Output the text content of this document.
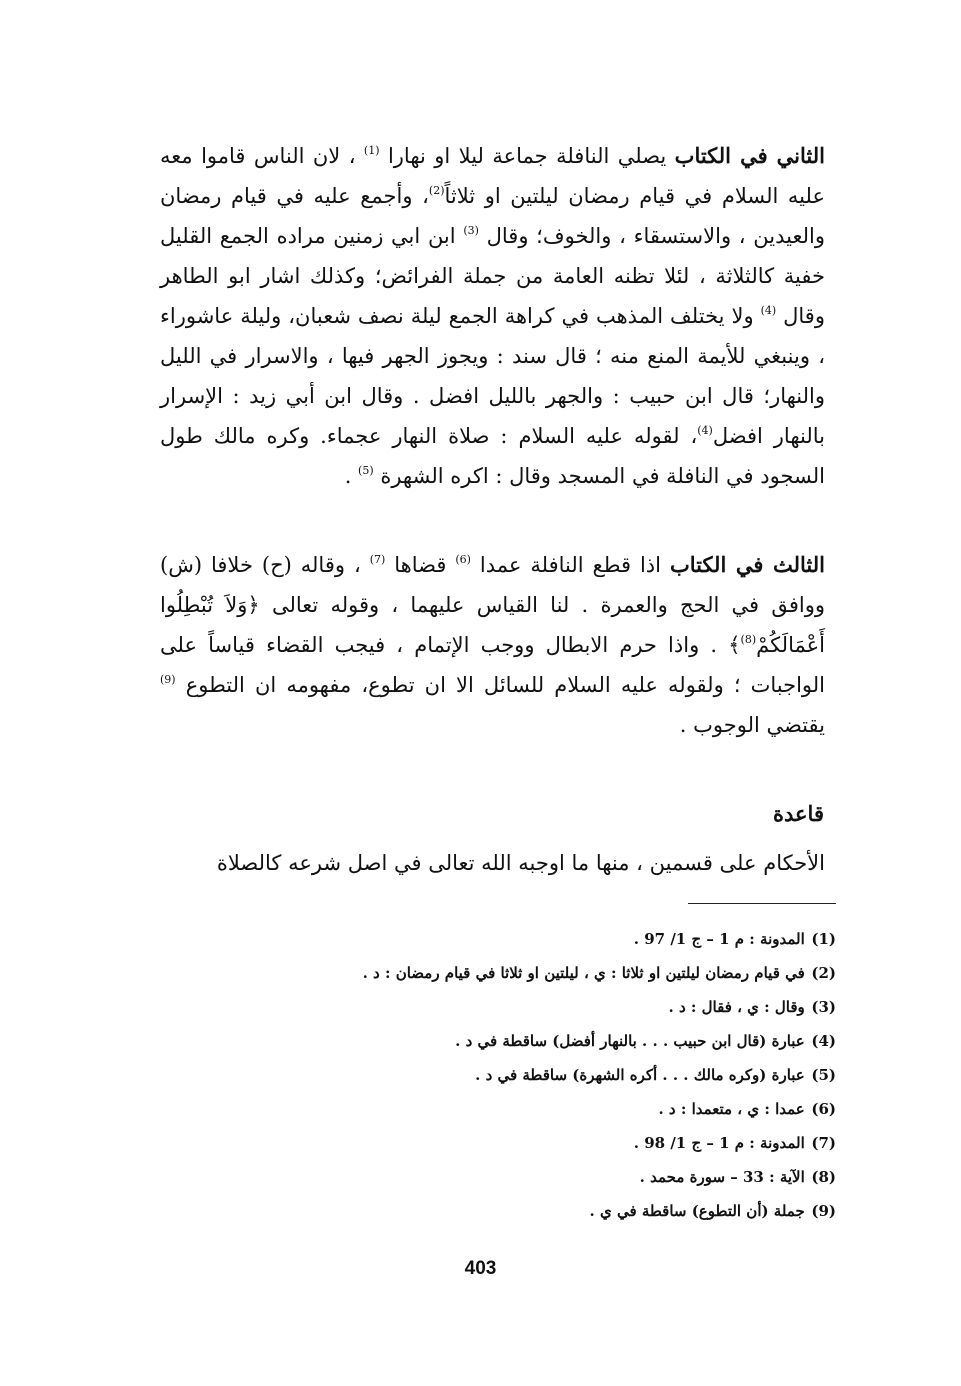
الثاني في الكتاب يصلي النافلة جماعة ليلا او نهارا $^{(1)}$ ، لان الناس قاموا معه عليه السلام في قيام رمضان ليلتين او ثلاثاً$^{(2)}$، وأجمع عليه في قيام رمضان والعيدين ، والاستسقاء ، والخوف؛ وقال $^{(3)}$ ابن ابي زمنين مراده الجمع القليل خفية كالثلاثة ، لئلا تظنه العامة من جملة الفرائض؛ وكذلك اشار ابو الطاهر وقال $^{(4)}$ ولا يختلف المذهب في كراهة الجمع ليلة نصف شعبان، وليلة عاشوراء ، وينبغي للأيمة المنع منه ؛ قال سند : ويجوز الجهر فيها ، والاسرار في الليل والنهار؛ قال ابن حبيب : والجهر بالليل افضل . وقال ابن أبي زيد : الإسرار بالنهار افضل$^{(4)}$، لقوله عليه السلام : صلاة النهار عجماء. وكره مالك طول السجود في النافلة في المسجد وقال : اكره الشهرة $^{(5)}$ .

الثالث في الكتاب اذا قطع النافلة عمدا $^{(6)}$ قضاها $^{(7)}$ ، وقاله (ح) خلافا (ش) ووافق في الحج والعمرة . لنا القياس عليهما ، وقوله تعالى ﴿وَلاَ تُبْطِلُوا أَعْمَالَكُمْ$^{(8)}$﴾ . واذا حرم الابطال ووجب الإتمام ، فيجب القضاء قياساً على الواجبات ؛ ولقوله عليه السلام للسائل الا ان تطوع، مفهومه ان التطوع $^{(9)}$ يقتضي الوجوب .

قاعدة

الأحكام على قسمين ، منها ما اوجبه الله تعالى في اصل شرعه كالصلاة

(1) المدونة : م 1 – ج 1/ 97 .
(2) في قيام رمضان ليلتين او ثلاثا : ي ، ليلتين او ثلاثا في قيام رمضان : د .
(3) وقال : ي ، فقال : د .
(4) عبارة (قال ابن حبيب . . . بالنهار أفضل) ساقطة في د .
(5) عبارة (وكره مالك . . . أكره الشهرة) ساقطة في د .
(6) عمدا : ي ، متعمدا : د .
(7) المدونة : م 1 – ج 1/ 98 .
(8) الآية : 33 – سورة محمد .
(9) جملة (أن التطوع) ساقطة في ي .
403
